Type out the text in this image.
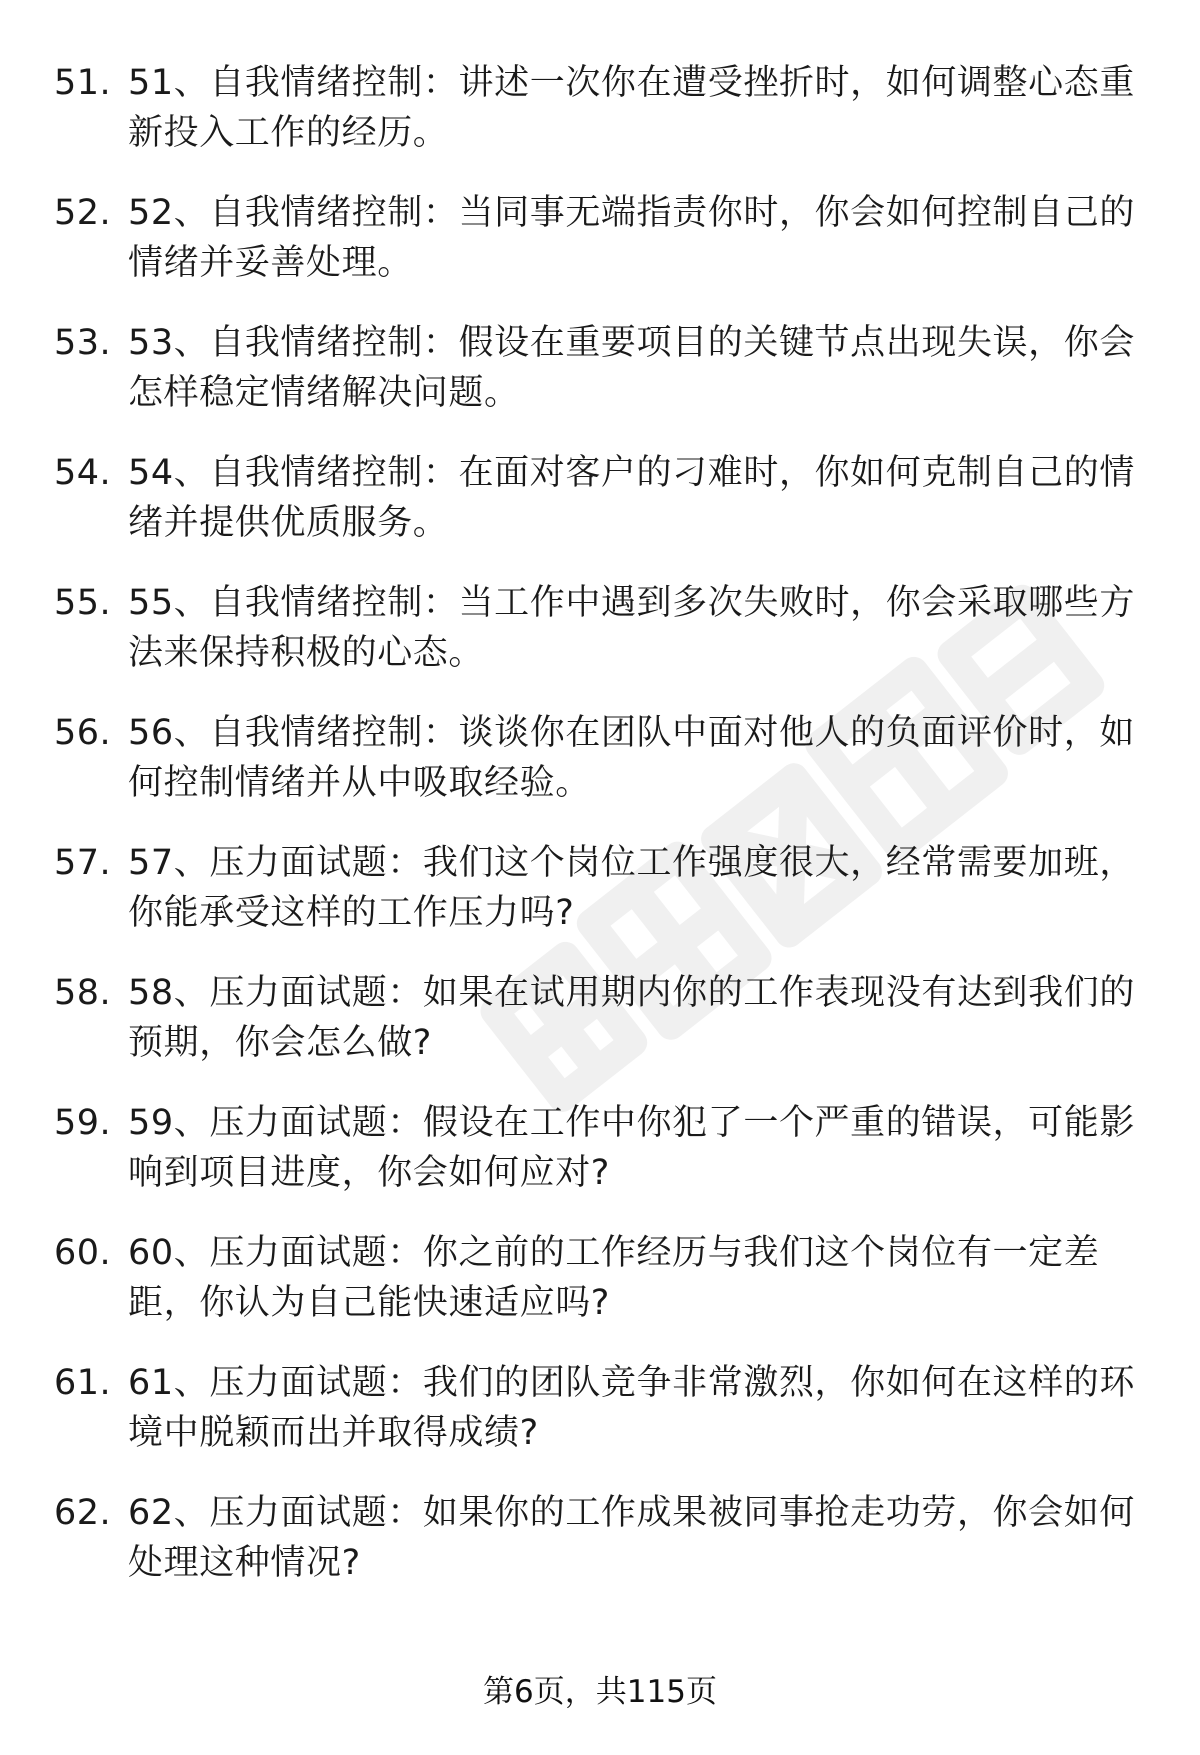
51. 51、自我情绪控制：讲述一次你在遭受挫折时，如何调整心态重新投入工作的经历。
52. 52、自我情绪控制：当同事无端指责你时，你会如何控制自己的情绪并妥善处理。
53. 53、自我情绪控制：假设在重要项目的关键节点出现失误，你会怎样稳定情绪解决问题。
54. 54、自我情绪控制：在面对客户的刁难时，你如何克制自己的情绪并提供优质服务。
55. 55、自我情绪控制：当工作中遇到多次失败时，你会采取哪些方法来保持积极的心态。
56. 56、自我情绪控制：谈谈你在团队中面对他人的负面评价时，如何控制情绪并从中吸取经验。
57. 57、压力面试题：我们这个岗位工作强度很大，经常需要加班，你能承受这样的工作压力吗?
58. 58、压力面试题：如果在试用期内你的工作表现没有达到我们的预期，你会怎么做?
59. 59、压力面试题：假设在工作中你犯了一个严重的错误，可能影响到项目进度，你会如何应对?
60. 60、压力面试题：你之前的工作经历与我们这个岗位有一定差距，你认为自己能快速适应吗?
61. 61、压力面试题：我们的团队竞争非常激烈，你如何在这样的环境中脱颖而出并取得成绩?
62. 62、压力面试题：如果你的工作成果被同事抢走功劳，你会如何处理这种情况?
第6页，共115页
